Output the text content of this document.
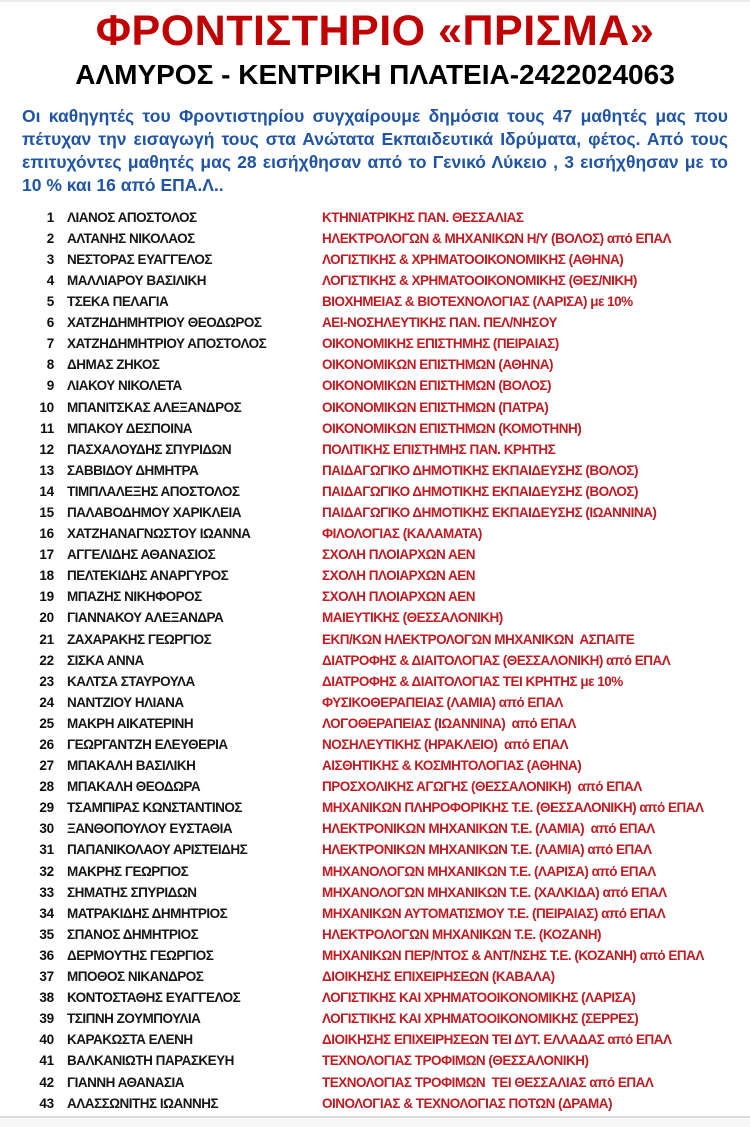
ΦΡΟΝΤΙΣΤΗΡΙΟ «ΠΡΙΣΜΑ»
ΑΛΜΥΡΟΣ - ΚΕΝΤΡΙΚΗ ΠΛΑΤΕΙΑ-2422024063

Οι καθηγητές του Φροντιστηρίου συγχαίρουμε δημόσια τους 47 μαθητές μας που πέτυχαν την εισαγωγή τους στα Ανώτατα Εκπαιδευτικά Ιδρύματα, φέτος. Από τους επιτυχόντες μαθητές μας 28 εισήχθησαν από το Γενικό Λύκειο , 3 εισήχθησαν με το 10 % και 16 από ΕΠΑ.Λ..

1 ΛΙΑΝΟΣ ΑΠΟΣΤΟΛΟΣ	ΚΤΗΝΙΑΤΡΙΚΗΣ ΠΑΝ. ΘΕΣΣΑΛΙΑΣ
2 ΑΛΤΑΝΗΣ ΝΙΚΟΛΑΟΣ	ΗΛΕΚΤΡΟΛΟΓΩΝ & ΜΗΧΑΝΙΚΩΝ Η/Υ (ΒΟΛΟΣ) από ΕΠΑΛ
3 ΝΕΣΤΟΡΑΣ ΕΥΑΓΓΕΛΟΣ	ΛΟΓΙΣΤΙΚΗΣ & ΧΡΗΜΑΤΟΟΙΚΟΝΟΜΙΚΗΣ (ΑΘΗΝΑ)
4 ΜΑΛΛΙΑΡΟΥ ΒΑΣΙΛΙΚΗ	ΛΟΓΙΣΤΙΚΗΣ & ΧΡΗΜΑΤΟΟΙΚΟΝΟΜΙΚΗΣ (ΘΕΣ/ΝΙΚΗ)
5 ΤΣΕΚΑ ΠΕΛΑΓΙΑ	ΒΙΟΧΗΜΕΙΑΣ & ΒΙΟΤΕΧΝΟΛΟΓΙΑΣ (ΛΑΡΙΣΑ) με 10%
6 ΧΑΤΖΗΔΗΜΗΤΡΙΟΥ ΘΕΟΔΩΡΟΣ	ΑΕΙ-ΝΟΣΗΛΕΥΤΙΚΗΣ ΠΑΝ. ΠΕΛ/ΝΗΣΟΥ
7 ΧΑΤΖΗΔΗΜΗΤΡΙΟΥ ΑΠΟΣΤΟΛΟΣ	ΟΙΚΟΝΟΜΙΚΗΣ ΕΠΙΣΤΗΜΗΣ (ΠΕΙΡΑΙΑΣ)
8 ΔΗΜΑΣ ΖΗΚΟΣ	ΟΙΚΟΝΟΜΙΚΩΝ ΕΠΙΣΤΗΜΩΝ (ΑΘΗΝΑ)
9 ΛΙΑΚΟΥ ΝΙΚΟΛΕΤΑ	ΟΙΚΟΝΟΜΙΚΩΝ ΕΠΙΣΤΗΜΩΝ (ΒΟΛΟΣ)
10 ΜΠΑΝΙΤΣΚΑΣ ΑΛΕΞΑΝΔΡΟΣ	ΟΙΚΟΝΟΜΙΚΩΝ ΕΠΙΣΤΗΜΩΝ (ΠΑΤΡΑ)
11 ΜΠΑΚΟΥ ΔΕΣΠΟΙΝΑ	ΟΙΚΟΝΟΜΙΚΩΝ ΕΠΙΣΤΗΜΩΝ (ΚΟΜΟΤΗΝΗ)
12 ΠΑΣΧΑΛΟΥΔΗΣ ΣΠΥΡΙΔΩΝ	ΠΟΛΙΤΙΚΗΣ ΕΠΙΣΤΗΜΗΣ ΠΑΝ. ΚΡΗΤΗΣ
13 ΣΑΒΒΙΔΟΥ ΔΗΜΗΤΡΑ	ΠΑΙΔΑΓΩΓΙΚΟ ΔΗΜΟΤΙΚΗΣ ΕΚΠΑΙΔΕΥΣΗΣ (ΒΟΛΟΣ)
14 ΤΙΜΠΛΑΛΕΞΗΣ ΑΠΟΣΤΟΛΟΣ	ΠΑΙΔΑΓΩΓΙΚΟ ΔΗΜΟΤΙΚΗΣ ΕΚΠΑΙΔΕΥΣΗΣ (ΒΟΛΟΣ)
15 ΠΑΛΑΒΟΔΗΜΟΥ ΧΑΡΙΚΛΕΙΑ	ΠΑΙΔΑΓΩΓΙΚΟ ΔΗΜΟΤΙΚΗΣ ΕΚΠΑΙΔΕΥΣΗΣ (ΙΩΑΝΝΙΝΑ)
16 ΧΑΤΖΗΑΝΑΓΝΩΣΤΟΥ ΙΩΑΝΝΑ	ΦΙΛΟΛΟΓΙΑΣ (ΚΑΛΑΜΑΤΑ)
17 ΑΓΓΕΛΙΔΗΣ ΑΘΑΝΑΣΙΟΣ	ΣΧΟΛΗ ΠΛΟΙΑΡΧΩΝ ΑΕΝ
18 ΠΕΛΤΕΚΙΔΗΣ ΑΝΑΡΓΥΡΟΣ	ΣΧΟΛΗ ΠΛΟΙΑΡΧΩΝ ΑΕΝ
19 ΜΠΑΖΗΣ ΝΙΚΗΦΟΡΟΣ	ΣΧΟΛΗ ΠΛΟΙΑΡΧΩΝ ΑΕΝ
20 ΓΙΑΝΝΑΚΟΥ ΑΛΕΞΑΝΔΡΑ	ΜΑΙΕΥΤΙΚΗΣ (ΘΕΣΣΑΛΟΝΙΚΗ)
21 ΖΑΧΑΡΑΚΗΣ ΓΕΩΡΓΙΟΣ	ΕΚΠ/ΚΩΝ ΗΛΕΚΤΡΟΛΟΓΩΝ ΜΗΧΑΝΙΚΩΝ  ΑΣΠΑΙΤΕ
22 ΣΙΣΚΑ ΑΝΝΑ	ΔΙΑΤΡΟΦΗΣ & ΔΙΑΙΤΟΛΟΓΙΑΣ (ΘΕΣΣΑΛΟΝΙΚΗ) από ΕΠΑΛ
23 ΚΑΛΤΣΑ ΣΤΑΥΡΟΥΛΑ	ΔΙΑΤΡΟΦΗΣ & ΔΙΑΙΤΟΛΟΓΙΑΣ ΤΕΙ ΚΡΗΤΗΣ με 10%
24 ΝΑΝΤΖΙΟΥ ΗΛΙΑΝΑ	ΦΥΣΙΚΟΘΕΡΑΠΕΙΑΣ (ΛΑΜΙΑ) από ΕΠΑΛ
25 ΜΑΚΡΗ ΑΙΚΑΤΕΡΙΝΗ	ΛΟΓΟΘΕΡΑΠΕΙΑΣ (ΙΩΑΝΝΙΝΑ)  από ΕΠΑΛ
26 ΓΕΩΡΓΑΝΤΖΗ ΕΛΕΥΘΕΡΙΑ	ΝΟΣΗΛΕΥΤΙΚΗΣ (ΗΡΑΚΛΕΙΟ)  από ΕΠΑΛ
27 ΜΠΑΚΑΛΗ ΒΑΣΙΛΙΚΗ	ΑΙΣΘΗΤΙΚΗΣ & ΚΟΣΜΗΤΟΛΟΓΙΑΣ (ΑΘΗΝΑ)
28 ΜΠΑΚΑΛΗ ΘΕΟΔΩΡΑ	ΠΡΟΣΧΟΛΙΚΗΣ ΑΓΩΓΗΣ (ΘΕΣΣΑΛΟΝΙΚΗ)  από ΕΠΑΛ
29 ΤΣΑΜΠΙΡΑΣ ΚΩΝΣΤΑΝΤΙΝΟΣ	ΜΗΧΑΝΙΚΩΝ ΠΛΗΡΟΦΟΡΙΚΗΣ Τ.Ε. (ΘΕΣΣΑΛΟΝΙΚΗ) από ΕΠΑΛ
30 ΞΑΝΘΟΠΟΥΛΟΥ ΕΥΣΤΑΘΙΑ	ΗΛΕΚΤΡΟΝΙΚΩΝ ΜΗΧΑΝΙΚΩΝ Τ.Ε. (ΛΑΜΙΑ)  από ΕΠΑΛ
31 ΠΑΠΑΝΙΚΟΛΑΟΥ ΑΡΙΣΤΕΙΔΗΣ	ΗΛΕΚΤΡΟΝΙΚΩΝ ΜΗΧΑΝΙΚΩΝ Τ.Ε. (ΛΑΜΙΑ) από ΕΠΑΛ
32 ΜΑΚΡΗΣ ΓΕΩΡΓΙΟΣ	ΜΗΧΑΝΟΛΟΓΩΝ ΜΗΧΑΝΙΚΩΝ Τ.Ε. (ΛΑΡΙΣΑ) από ΕΠΑΛ
33 ΣΗΜΑΤΗΣ ΣΠΥΡΙΔΩΝ	ΜΗΧΑΝΟΛΟΓΩΝ ΜΗΧΑΝΙΚΩΝ Τ.Ε. (ΧΑΛΚΙΔΑ) από ΕΠΑΛ
34 ΜΑΤΡΑΚΙΔΗΣ ΔΗΜΗΤΡΙΟΣ	ΜΗΧΑΝΙΚΩΝ ΑΥΤΟΜΑΤΙΣΜΟΥ Τ.Ε. (ΠΕΙΡΑΙΑΣ) από ΕΠΑΛ
35 ΣΠΑΝΟΣ ΔΗΜΗΤΡΙΟΣ	ΗΛΕΚΤΡΟΛΟΓΩΝ ΜΗΧΑΝΙΚΩΝ Τ.Ε. (ΚΟΖΑΝΗ)
36 ΔΕΡΜΟΥΤΗΣ ΓΕΩΡΓΙΟΣ	ΜΗΧΑΝΙΚΩΝ ΠΕΡ/ΝΤΟΣ & ΑΝΤ/ΝΣΗΣ Τ.Ε. (ΚΟΖΑΝΗ) από ΕΠΑΛ
37 ΜΠΟΘΟΣ ΝΙΚΑΝΔΡΟΣ	ΔΙΟΙΚΗΣΗΣ ΕΠΙΧΕΙΡΗΣΕΩΝ (ΚΑΒΑΛΑ)
38 ΚΟΝΤΟΣΤΑΘΗΣ ΕΥΑΓΓΕΛΟΣ	ΛΟΓΙΣΤΙΚΗΣ ΚΑΙ ΧΡΗΜΑΤΟΟΙΚΟΝΟΜΙΚΗΣ (ΛΑΡΙΣΑ)
39 ΤΣΙΠΝΗ ΖΟΥΜΠΟΥΛΙΑ	ΛΟΓΙΣΤΙΚΗΣ ΚΑΙ ΧΡΗΜΑΤΟΟΙΚΟΝΟΜΙΚΗΣ (ΣΕΡΡΕΣ)
40 ΚΑΡΑΚΩΣΤΑ ΕΛΕΝΗ	ΔΙΟΙΚΗΣΗΣ ΕΠΙΧΕΙΡΗΣΕΩΝ ΤΕΙ ΔΥΤ. ΕΛΛΑΔΑΣ από ΕΠΑΛ
41 ΒΑΛΚΑΝΙΩΤΗ ΠΑΡΑΣΚΕΥΗ	ΤΕΧΝΟΛΟΓΙΑΣ ΤΡΟΦΙΜΩΝ (ΘΕΣΣΑΛΟΝΙΚΗ)
42 ΓΙΑΝΝΗ ΑΘΑΝΑΣΙΑ	ΤΕΧΝΟΛΟΓΙΑΣ ΤΡΟΦΙΜΩΝ  ΤΕΙ ΘΕΣΣΑΛΙΑΣ από ΕΠΑΛ
43 ΑΛΑΣΣΩΝΙΤΗΣ ΙΩΑΝΝΗΣ	ΟΙΝΟΛΟΓΙΑΣ & ΤΕΧΝΟΛΟΓΙΑΣ ΠΟΤΩΝ (ΔΡΑΜΑ)
